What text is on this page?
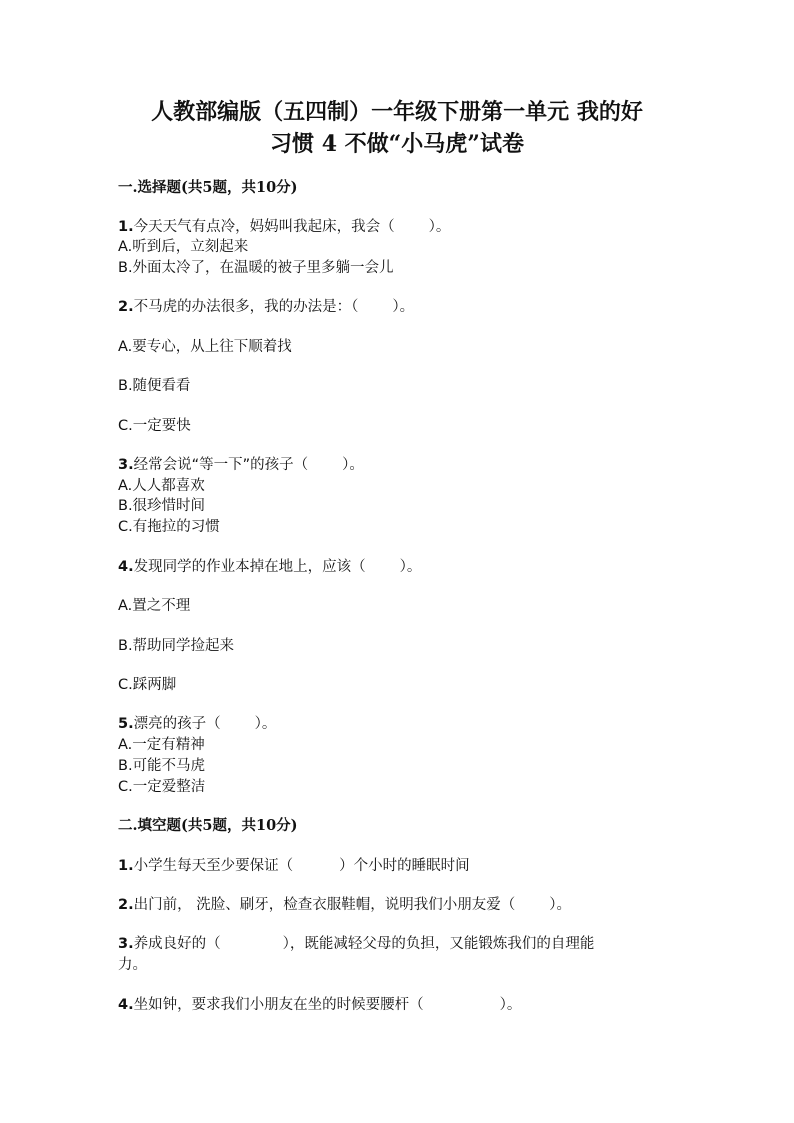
人教部编版（五四制）一年级下册第一单元 我的好
习惯 4 不做“小马虎”试卷
一.选择题(共5题，共10分)
1.今天天气有点冷，妈妈叫我起床，我会（ ）。
A.听到后，立刻起来
B.外面太冷了，在温暖的被子里多躺一会儿
2.不马虎的办法很多，我的办法是：（ ）。
A.要专心，从上往下顺着找
B.随便看看
C.一定要快
3.经常会说“等一下”的孩子（ ）。
A.人人都喜欢
B.很珍惜时间
C.有拖拉的习惯
4.发现同学的作业本掉在地上，应该（ ）。
A.置之不理
B.帮助同学捡起来
C.踩两脚
5.漂亮的孩子（ ）。
A.一定有精神
B.可能不马虎
C.一定爱整洁
二.填空题(共5题，共10分)
1.小学生每天至少要保证（	）个小时的睡眠时间
2.出门前， 洗脸、刷牙，检查衣服鞋帽，说明我们小朋友爱（ ）。
3.养成良好的（	），既能减轻父母的负担，又能锻炼我们的自理能
力。
4.坐如钟，要求我们小朋友在坐的时候要腰杆（	）。
